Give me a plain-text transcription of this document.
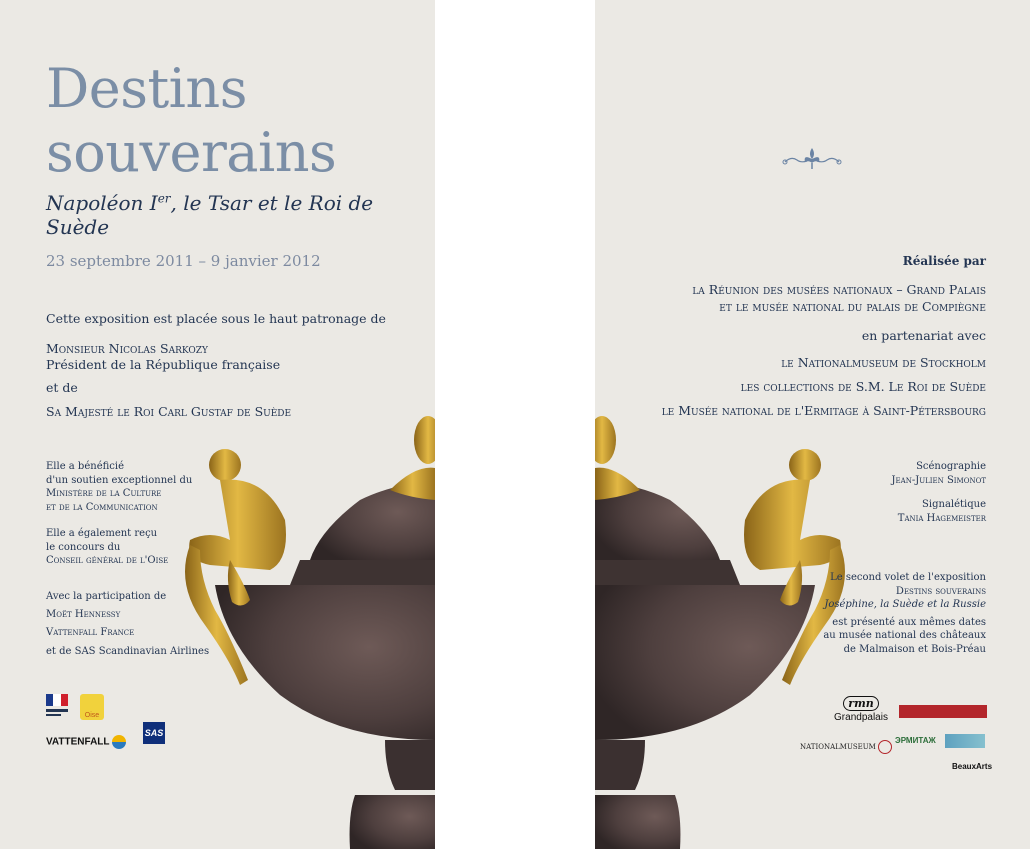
Destins
souverains
Napoléon Ier, le Tsar et le Roi de Suède
23 septembre 2011 – 9 janvier 2012
Cette exposition est placée sous le haut patronage de
Monsieur Nicolas Sarkozy
Président de la République française
et de
Sa Majesté le Roi Carl Gustaf de Suède
Elle a bénéficié
d'un soutien exceptionnel du
Ministère de la Culture
et de la Communication
Elle a également reçu
le concours du
Conseil général de l'Oise
Avec la participation de
Moët Hennessy
Vattenfall France
et de SAS Scandinavian Airlines
Oise
VATTENFALL
SAS
Réalisée par
la Réunion des musées nationaux – Grand Palais
et le musée national du palais de Compiègne
en partenariat avec
le Nationalmuseum de Stockholm
les collections de S.M. Le Roi de Suède
le Musée national de l'Ermitage à Saint-Pétersbourg
Scénographie
Jean-Julien Simonot
Signalétique
Tania Hagemeister
Le second volet de l'exposition
Destins souverains
Joséphine, la Suède et la Russie
est présenté aux mêmes dates
au musée national des châteaux
de Malmaison et Bois-Préau
rmn
Grandpalais
NATIONALMUSEUM
ЭРМИТАЖ
BeauxArts
